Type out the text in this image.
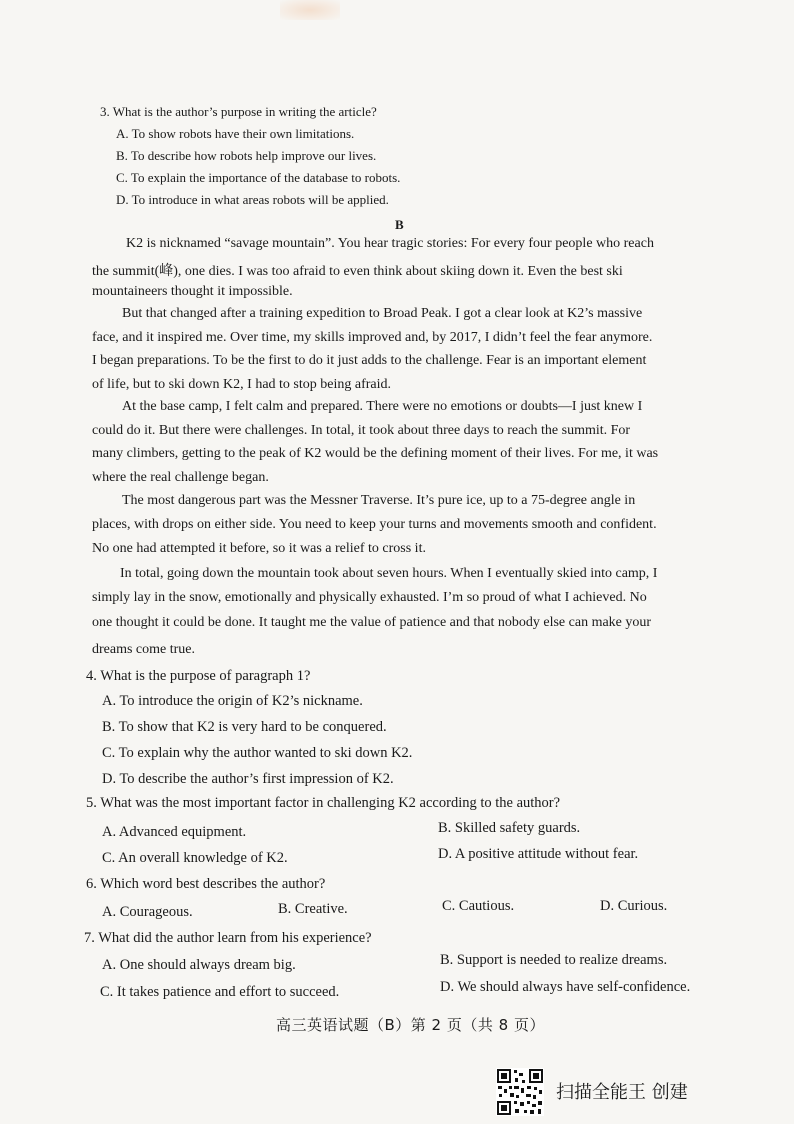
3. What is the author’s purpose in writing the article?
A. To show robots have their own limitations.
B. To describe how robots help improve our lives.
C. To explain the importance of the database to robots.
D. To introduce in what areas robots will be applied.
B
K2 is nicknamed “savage mountain”. You hear tragic stories: For every four people who reach
the summit(峰), one dies. I was too afraid to even think about skiing down it. Even the best ski
mountaineers thought it impossible.
But that changed after a training expedition to Broad Peak. I got a clear look at K2’s massive
face, and it inspired me. Over time, my skills improved and, by 2017, I didn’t feel the fear anymore.
I began preparations. To be the first to do it just adds to the challenge. Fear is an important element
of life, but to ski down K2, I had to stop being afraid.
At the base camp, I felt calm and prepared. There were no emotions or doubts—I just knew I
could do it. But there were challenges. In total, it took about three days to reach the summit. For
many climbers, getting to the peak of K2 would be the defining moment of their lives. For me, it was
where the real challenge began.
The most dangerous part was the Messner Traverse. It’s pure ice, up to a 75-degree angle in
places, with drops on either side. You need to keep your turns and movements smooth and confident.
No one had attempted it before, so it was a relief to cross it.
In total, going down the mountain took about seven hours. When I eventually skied into camp, I
simply lay in the snow, emotionally and physically exhausted. I’m so proud of what I achieved. No
one thought it could be done. It taught me the value of patience and that nobody else can make your
dreams come true.
4. What is the purpose of paragraph 1?
A. To introduce the origin of K2’s nickname.
B. To show that K2 is very hard to be conquered.
C. To explain why the author wanted to ski down K2.
D. To describe the author’s first impression of K2.
5. What was the most important factor in challenging K2 according to the author?
A. Advanced equipment.	B. Skilled safety guards.
C. An overall knowledge of K2.	D. A positive attitude without fear.
6. Which word best describes the author?
A. Courageous.	B. Creative.	C. Cautious.	D. Curious.
7. What did the author learn from his experience?
A. One should always dream big.	B. Support is needed to realize dreams.
C. It takes patience and effort to succeed.	D. We should always have self-confidence.
高三英语试题（B）第 2 页（共 8 页）
扫描全能王 创建
